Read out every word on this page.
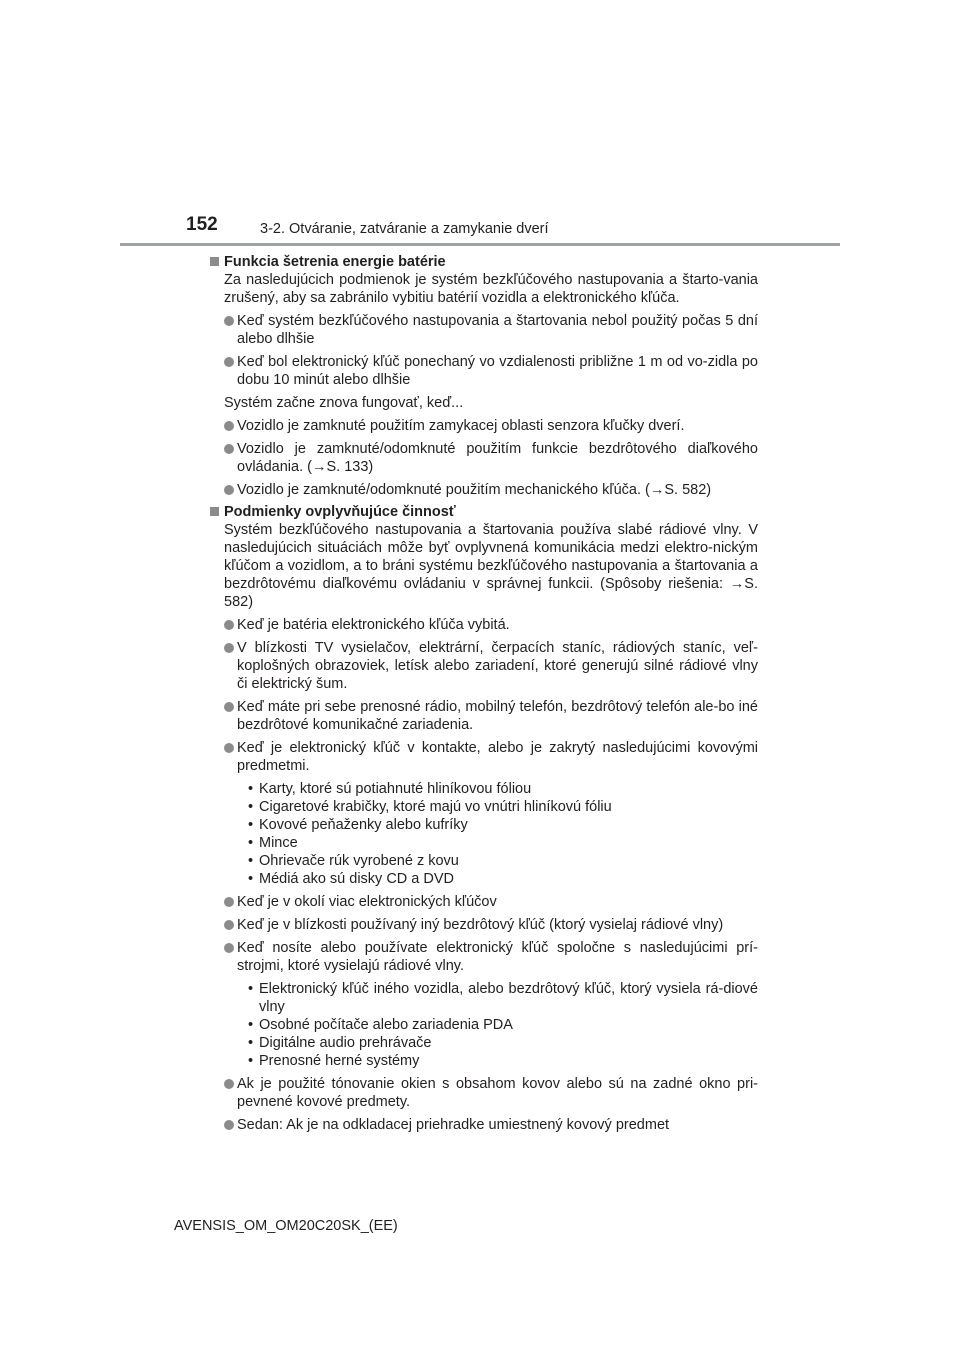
152	3-2. Otváranie, zatváranie a zamykanie dverí
Funkcia šetrenia energie batérie
Za nasledujúcich podmienok je systém bezkľúčového nastupovania a štarto-vania zrušený, aby sa zabránilo vybitiu batérií vozidla a elektronického kľúča.
Keď systém bezkľúčového nastupovania a štartovania nebol použitý počas 5 dní alebo dlhšie
Keď bol elektronický kľúč ponechaný vo vzdialenosti približne 1 m od vo-zidla po dobu 10 minút alebo dlhšie
Systém začne znova fungovať, keď...
Vozidlo je zamknuté použitím zamykacej oblasti senzora kľučky dverí.
Vozidlo je zamknuté/odomknuté použitím funkcie bezdrôtového diaľkového ovládania. (→S. 133)
Vozidlo je zamknuté/odomknuté použitím mechanického kľúča. (→S. 582)
Podmienky ovplyvňujúce činnosť
Systém bezkľúčového nastupovania a štartovania používa slabé rádiové vlny. V nasledujúcich situáciách môže byť ovplyvnená komunikácia medzi elektro-nickým kľúčom a vozidlom, a to bráni systému bezkľúčového nastupovania a štartovania a bezdrôtovému diaľkovému ovládaniu v správnej funkcii. (Spôsoby riešenia: →S. 582)
Keď je batéria elektronického kľúča vybitá.
V blízkosti TV vysielačov, elektrární, čerpacích staníc, rádiových staníc, veľ-koplošných obrazoviek, letísk alebo zariadení, ktoré generujú silné rádiové vlny či elektrický šum.
Keď máte pri sebe prenosné rádio, mobilný telefón, bezdrôtový telefón ale-bo iné bezdrôtové komunikačné zariadenia.
Keď je elektronický kľúč v kontakte, alebo je zakrytý nasledujúcimi kovovými predmetmi.
• Karty, ktoré sú potiahnuté hliníkovou fóliou
• Cigaretové krabičky, ktoré majú vo vnútri hliníkovú fóliu
• Kovové peňaženky alebo kufríky
• Mince
• Ohrievače rúk vyrobené z kovu
• Médiá ako sú disky CD a DVD
Keď je v okolí viac elektronických kľúčov
Keď je v blízkosti používaný iný bezdrôtový kľúč (ktorý vysielaj rádiové vlny)
Keď nosíte alebo používate elektronický kľúč spoločne s nasledujúcimi prí-strojmi, ktoré vysielajú rádiové vlny.
• Elektronický kľúč iného vozidla, alebo bezdrôtový kľúč, ktorý vysiela rá-diové vlny
• Osobné počítače alebo zariadenia PDA
• Digitálne audio prehrávače
• Prenosné herné systémy
Ak je použité tónovanie okien s obsahom kovov alebo sú na zadné okno pri-pevnené kovové predmety.
Sedan: Ak je na odkladacej priehradke umiestnený kovový predmet
AVENSIS_OM_OM20C20SK_(EE)
